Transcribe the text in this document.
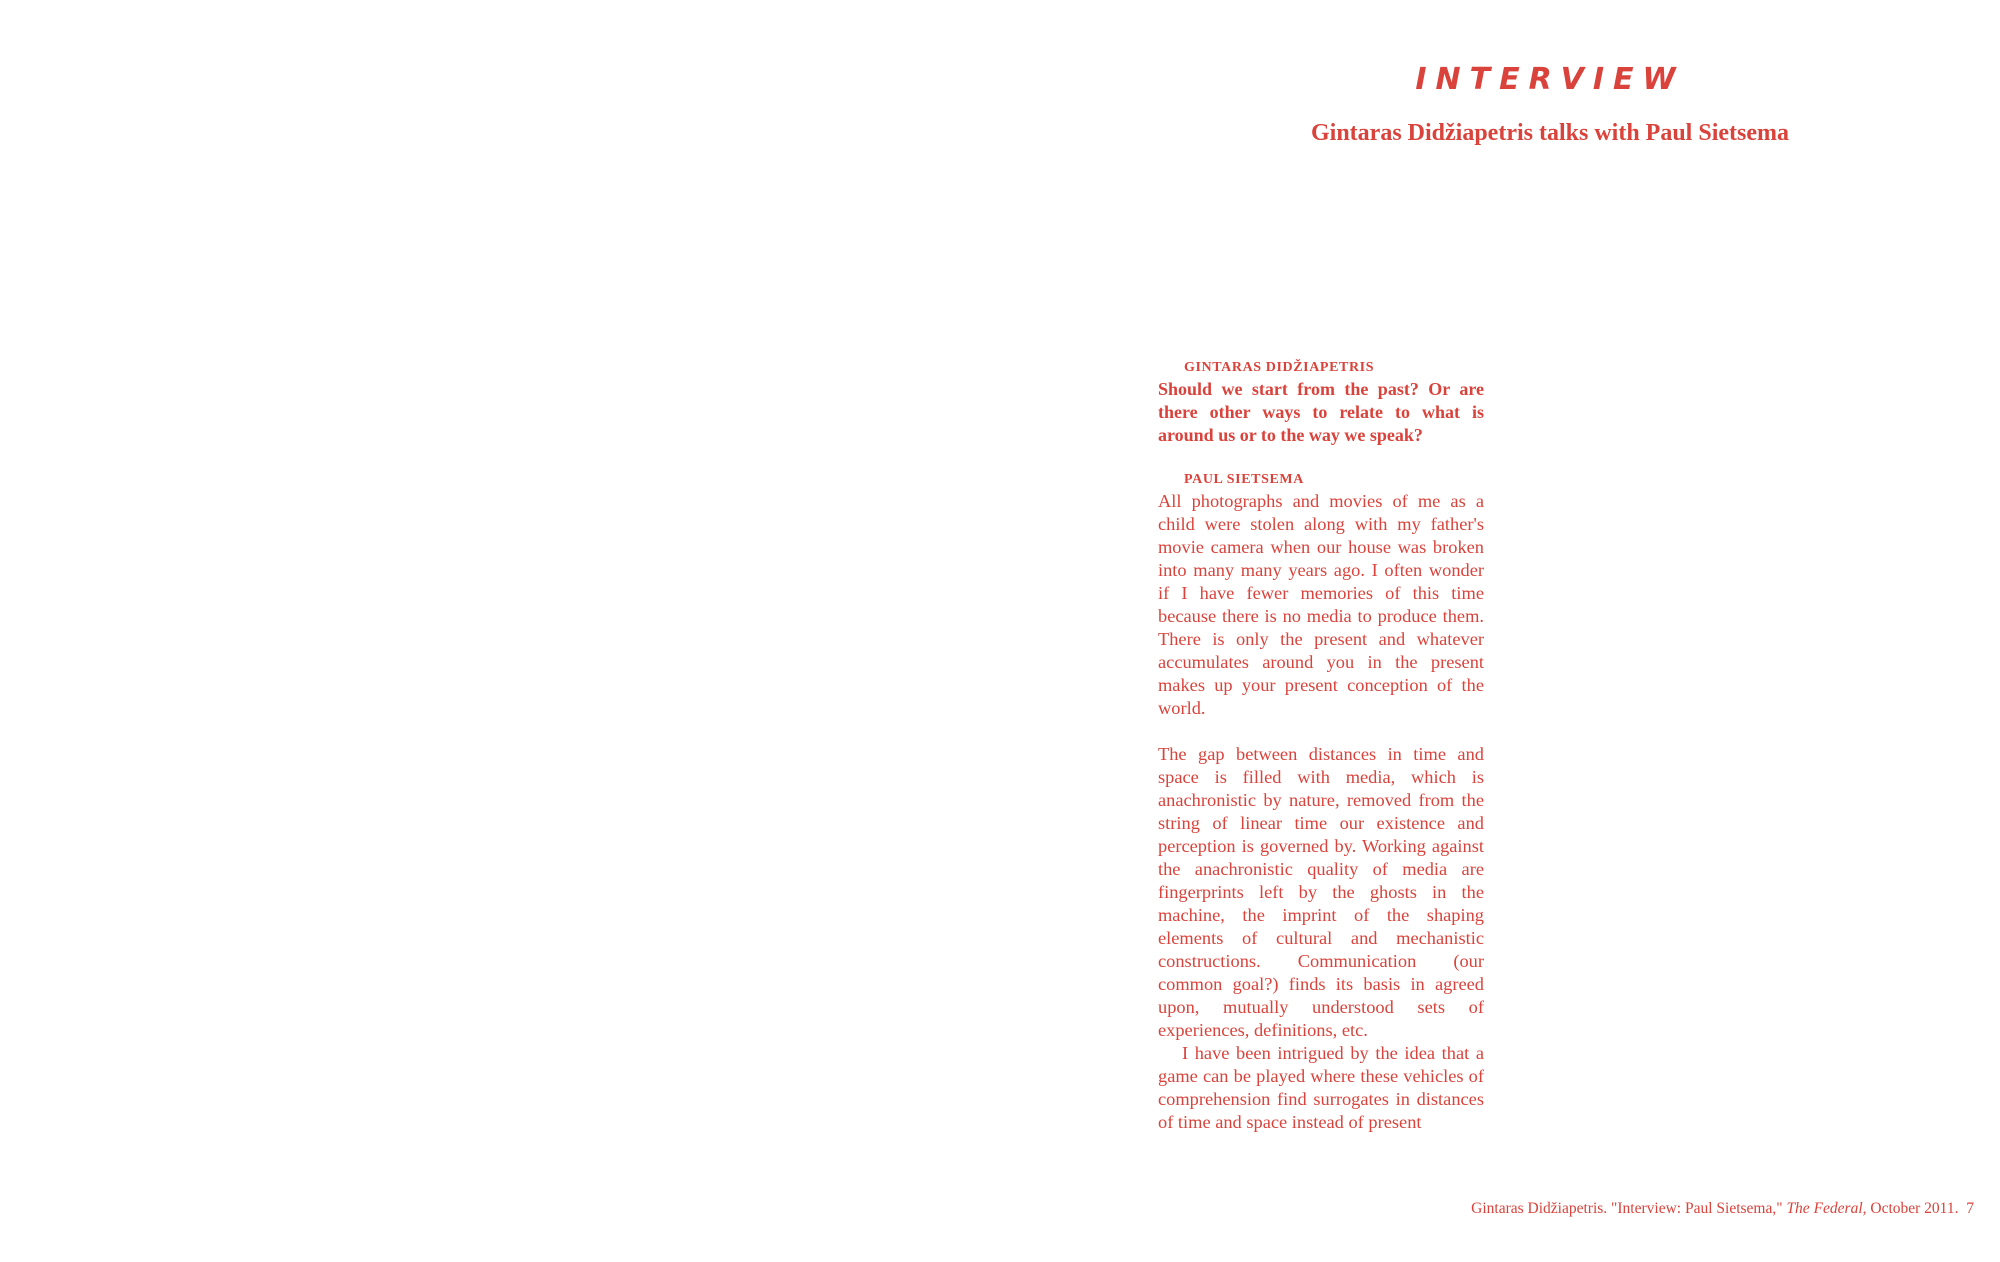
INTERVIEW
Gintaras Didžiapetris talks with Paul Sietsema

GINTARAS DIDŽIAPETRIS

Should we start from the past? Or are there other ways to relate to what is around us or to the way we speak?

PAUL SIETSEMA

All photographs and movies of me as a child were stolen along with my father's movie camera when our house was broken into many many years ago. I often wonder if I have fewer memories of this time because there is no media to produce them. There is only the present and whatever accumulates around you in the present makes up your present conception of the world.

The gap between distances in time and space is filled with media, which is anachronistic by nature, removed from the string of linear time our existence and perception is governed by. Working against the anachronistic quality of media are fingerprints left by the ghosts in the machine, the imprint of the shaping elements of cultural and mechanistic constructions. Communication (our common goal?) finds its basis in agreed upon, mutually understood sets of experiences, definitions, etc.

I have been intrigued by the idea that a game can be played where these vehicles of comprehension find surrogates in distances of time and space instead of present

Gintaras Didžiapetris. "Interview: Paul Sietsema," The Federal, October 2011. 7
